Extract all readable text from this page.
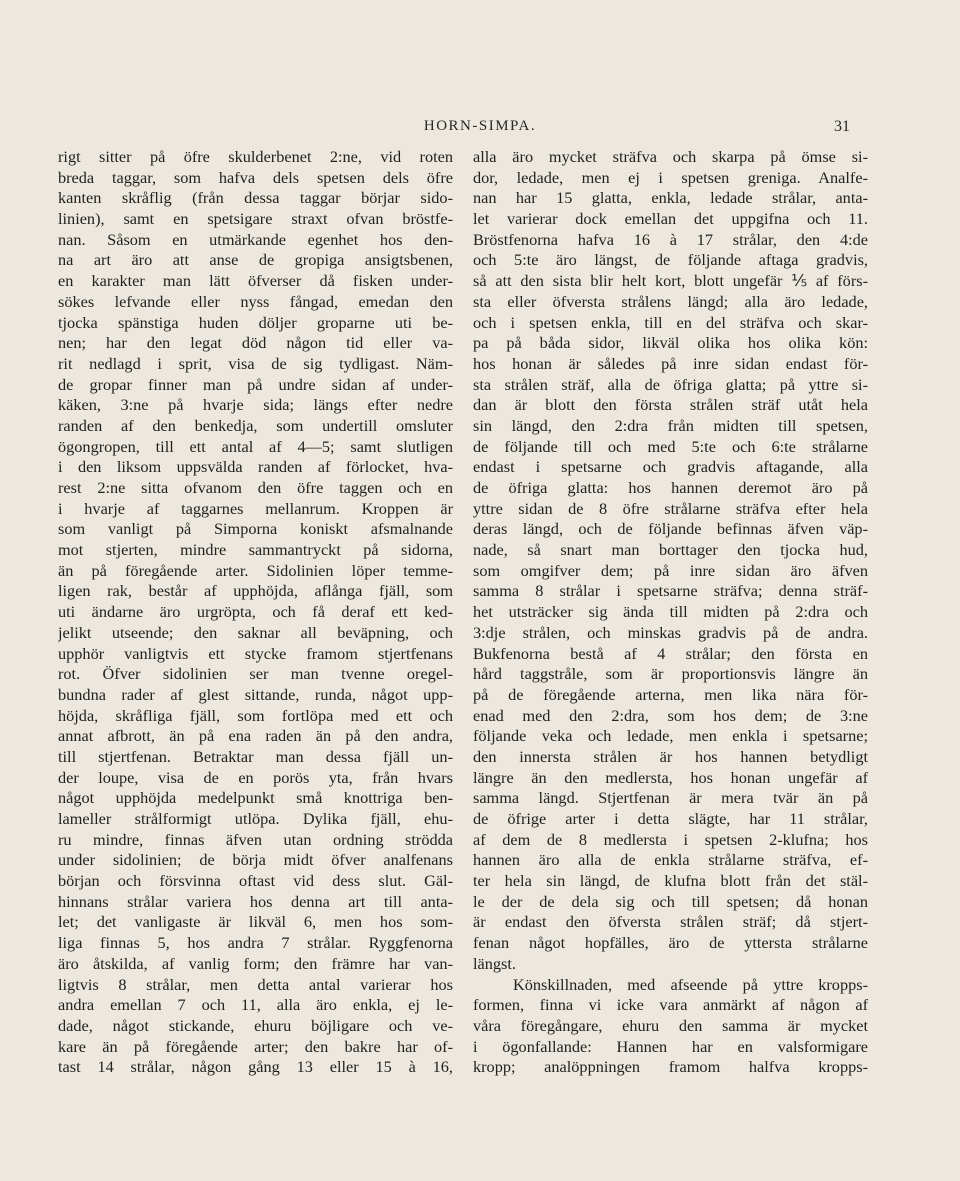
HORN-SIMPA.	31
rigt sitter på öfre skulderbenet 2:ne, vid roten
breda taggar, som hafva dels spetsen dels öfre
kanten skråflig (från dessa taggar börjar sido-
linien), samt en spetsigare straxt ofvan bröstfe-
nan. Såsom en utmärkande egenhet hos den-
na art äro att anse de gropiga ansigtsbenen,
en karakter man lätt öfverser då fisken under-
sökes lefvande eller nyss fångad, emedan den
tjocka spänstiga huden döljer groparne uti be-
nen; har den legat död någon tid eller va-
rit nedlagd i sprit, visa de sig tydligast. Näm-
de gropar finner man på undre sidan af under-
käken, 3:ne på hvarje sida; längs efter nedre
randen af den benkedja, som undertill omsluter
ögongropen, till ett antal af 4—5; samt slutligen
i den liksom uppsvälda randen af förlocket, hva-
rest 2:ne sitta ofvanom den öfre taggen och en
i hvarje af taggarnes mellanrum. Kroppen är
som vanligt på Simporna koniskt afsmalnande
mot stjerten, mindre sammantryckt på sidorna,
än på föregående arter. Sidolinien löper temme-
ligen rak, består af upphöjda, aflånga fjäll, som
uti ändarne äro urgröpta, och få deraf ett ked-
jelikt utseende; den saknar all beväpning, och
upphör vanligtvis ett stycke framom stjertfenans
rot. Öfver sidolinien ser man tvenne oregel-
bundna rader af glest sittande, runda, något upp-
höjda, skråfliga fjäll, som fortlöpa med ett och
annat afbrott, än på ena raden än på den andra,
till stjertfenan. Betraktar man dessa fjäll un-
der loupe, visa de en porös yta, från hvars
något upphöjda medelpunkt små knottriga ben-
lameller strålformigt utlöpa. Dylika fjäll, ehu-
ru mindre, finnas äfven utan ordning strödda
under sidolinien; de börja midt öfver analfenans
början och försvinna oftast vid dess slut. Gäl-
hinnans strålar variera hos denna art till anta-
let; det vanligaste är likväl 6, men hos som-
liga finnas 5, hos andra 7 strålar. Ryggfenorna
äro åtskilda, af vanlig form; den främre har van-
ligtvis 8 strålar, men detta antal varierar hos
andra emellan 7 och 11, alla äro enkla, ej le-
dade, något stickande, ehuru böjligare och ve-
kare än på föregående arter; den bakre har of-
tast 14 strålar, någon gång 13 eller 15 à 16,
alla äro mycket sträfva och skarpa på ömse si-
dor, ledade, men ej i spetsen greniga. Analfe-
nan har 15 glatta, enkla, ledade strålar, anta-
let varierar dock emellan det uppgifna och 11.
Bröstfenorna hafva 16 à 17 strålar, den 4:de
och 5:te äro längst, de följande aftaga gradvis,
så att den sista blir helt kort, blott ungefär ⅕ af förs-
sta eller öfversta strålens längd; alla äro ledade,
och i spetsen enkla, till en del sträfva och skar-
pa på båda sidor, likväl olika hos olika kön:
hos honan är således på inre sidan endast för-
sta strålen sträf, alla de öfriga glatta; på yttre si-
dan är blott den första strålen sträf utåt hela
sin längd, den 2:dra från midten till spetsen,
de följande till och med 5:te och 6:te strålarne
endast i spetsarne och gradvis aftagande, alla
de öfriga glatta: hos hannen deremot äro på
yttre sidan de 8 öfre strålarne sträfva efter hela
deras längd, och de följande befinnas äfven väp-
nade, så snart man borttager den tjocka hud,
som omgifver dem; på inre sidan äro äfven
samma 8 strålar i spetsarne sträfva; denna sträf-
het utsträcker sig ända till midten på 2:dra och
3:dje strålen, och minskas gradvis på de andra.
Bukfenorna bestå af 4 strålar; den första en
hård taggstråle, som är proportionsvis längre än
på de föregående arterna, men lika nära för-
enad med den 2:dra, som hos dem; de 3:ne
följande veka och ledade, men enkla i spetsarne;
den innersta strålen är hos hannen betydligt
längre än den medlersta, hos honan ungefär af
samma längd. Stjertfenan är mera tvär än på
de öfrige arter i detta slägte, har 11 strålar,
af dem de 8 medlersta i spetsen 2-klufna; hos
hannen äro alla de enkla strålarne sträfva, ef-
ter hela sin längd, de klufna blott från det stäl-
le der de dela sig och till spetsen; då honan
är endast den öfversta strålen sträf; då stjert-
fenan något hopfälles, äro de yttersta strålarne
längst.
Könskillnaden, med afseende på yttre kropps-
formen, finna vi icke vara anmärkt af någon af
våra föregångare, ehuru den samma är mycket
i ögonfallande: Hannen har en valsformigare
kropp; analöppningen framom halfva kropps-
